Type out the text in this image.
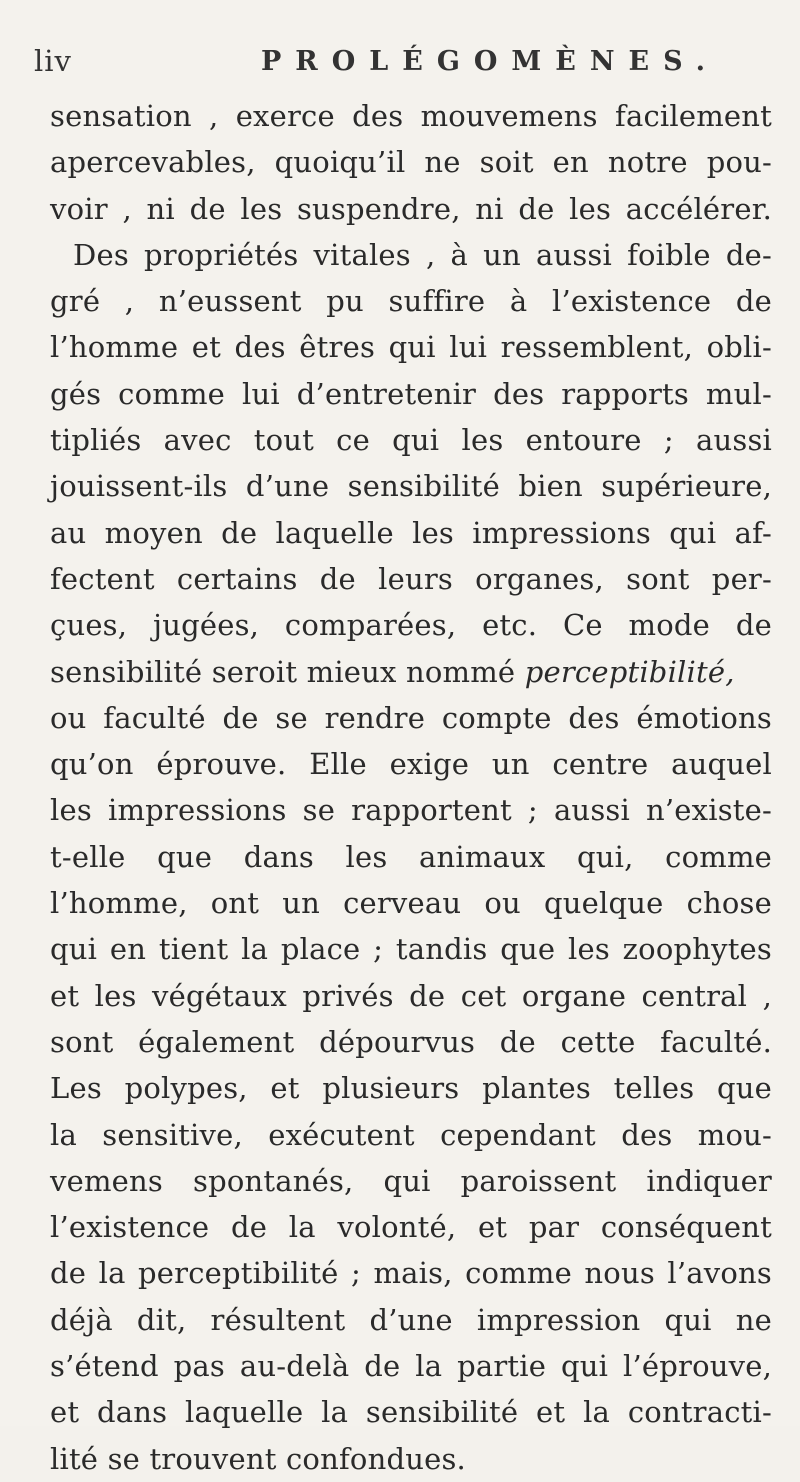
liv	PROLÉGOMÈNES.
sensation , exerce des mouvemens facilement
apercevables, quoiqu’il ne soit en notre pou-
voir , ni de les suspendre, ni de les accélérer.
Des propriétés vitales , à un aussi foible de-
gré , n’eussent pu suffire à l’existence de
l’homme et des êtres qui lui ressemblent, obli-
gés comme lui d’entretenir des rapports mul-
tipliés avec tout ce qui les entoure ; aussi
jouissent-ils d’une sensibilité bien supérieure,
au moyen de laquelle les impressions qui af-
fectent certains de leurs organes, sont per-
çues, jugées, comparées, etc. Ce mode de
sensibilité seroit mieux nommé perceptibilité,
ou faculté de se rendre compte des émotions
qu’on éprouve. Elle exige un centre auquel
les impressions se rapportent ; aussi n’existe-
t-elle que dans les animaux qui, comme
l’homme, ont un cerveau ou quelque chose
qui en tient la place ; tandis que les zoophytes
et les végétaux privés de cet organe central ,
sont également dépourvus de cette faculté.
Les polypes, et plusieurs plantes telles que
la sensitive, exécutent cependant des mou-
vemens spontanés, qui paroissent indiquer
l’existence de la volonté, et par conséquent
de la perceptibilité ; mais, comme nous l’avons
déjà dit, résultent d’une impression qui ne
s’étend pas au-delà de la partie qui l’éprouve,
et dans laquelle la sensibilité et la contracti-
lité se trouvent confondues.
